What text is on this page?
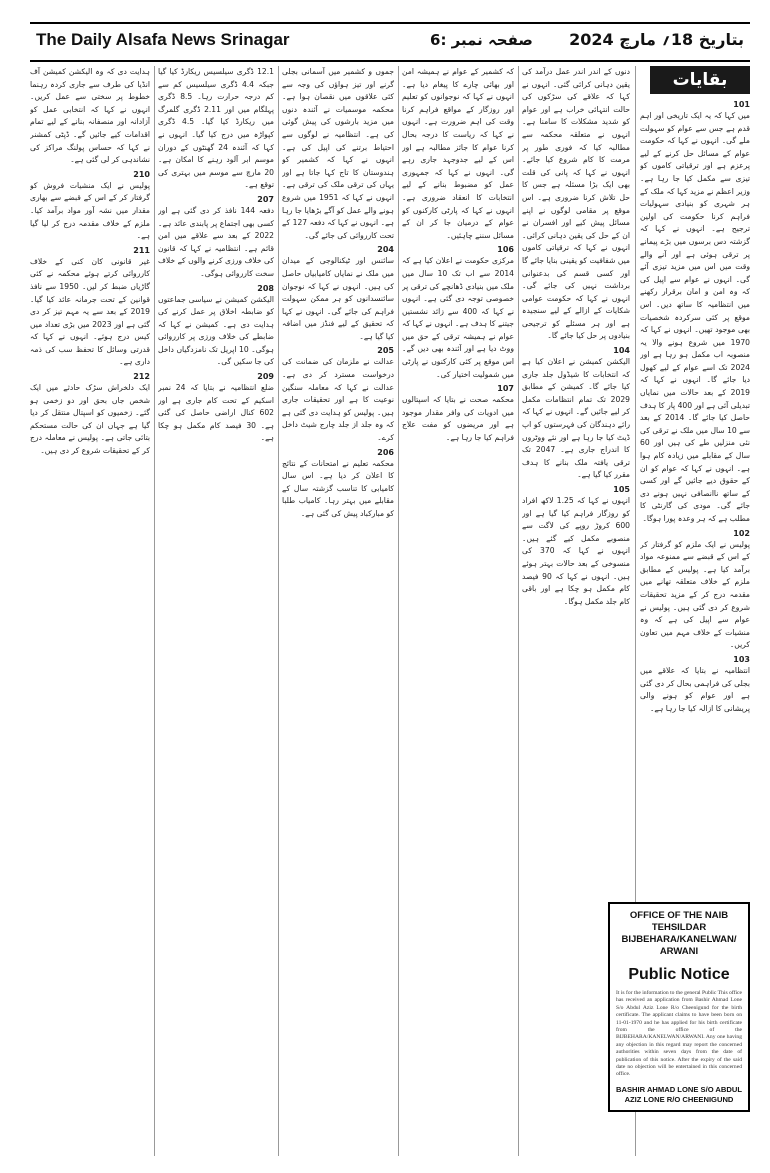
The Daily Alsafa News Srinagar	صفحہ نمبر :6 بتاریخ 18؍ مارچ 2024
بقایات
101

میں کہا کہ یہ ایک تاریخی اور اہم قدم ہے جس سے عوام کو سہولت ملے گی۔ انہوں نے کہا کہ حکومت عوام کے مسائل حل کرنے کے لیے پرعزم ہے اور ترقیاتی کاموں کو تیزی سے مکمل کیا جا رہا ہے۔ وزیر اعظم نے مزید کہا کہ ملک کے ہر شہری کو بنیادی سہولیات فراہم کرنا حکومت کی اولین ترجیح ہے۔ انہوں نے کہا کہ گزشتہ دس برسوں میں بڑے پیمانے پر ترقی ہوئی ہے اور آنے والے وقت میں اس میں مزید تیزی آئے گی۔ انہوں نے عوام سے اپیل کی کہ وہ امن و امان برقرار رکھنے میں انتظامیہ کا ساتھ دیں۔ اس موقع پر کئی سرکردہ شخصیات بھی موجود تھیں۔ انہوں نے کہا کہ 1970 میں شروع ہونے والا یہ منصوبہ اب مکمل ہو رہا ہے اور 2024 تک اسے عوام کے لیے کھول دیا جائے گا۔ انہوں نے کہا کہ 2019 کے بعد حالات میں نمایاں تبدیلی آئی ہے اور 400 پار کا ہدف حاصل کیا جائے گا۔ 2014 کے بعد سے 10 سال میں ملک نے ترقی کی نئی منزلیں طے کی ہیں اور 60 سال کے مقابلے میں زیادہ کام ہوا ہے۔ انہوں نے کہا کہ عوام کو ان کے حقوق دیے جائیں گے اور کسی کے ساتھ ناانصافی نہیں ہونے دی جائے گی۔ مودی کی گارنٹی کا مطلب ہے کہ ہر وعدہ پورا ہوگا۔

102

پولیس نے ایک ملزم کو گرفتار کر کے اس کے قبضے سے ممنوعہ مواد برآمد کیا ہے۔ پولیس کے مطابق ملزم کے خلاف متعلقہ تھانے میں مقدمہ درج کر کے مزید تحقیقات شروع کر دی گئی ہیں۔ پولیس نے عوام سے اپیل کی ہے کہ وہ منشیات کے خلاف مہم میں تعاون کریں۔

103

انتظامیہ نے بتایا کہ علاقے میں بجلی کی فراہمی بحال کر دی گئی ہے اور عوام کو ہونے والی پریشانی کا ازالہ کیا جا رہا ہے۔

دنوں کے اندر اندر عمل درآمد کی یقین دہانی کرائی گئی۔ انہوں نے کہا کہ علاقے کی سڑکوں کی حالت انتہائی خراب ہے اور عوام کو شدید مشکلات کا سامنا ہے۔ انہوں نے متعلقہ محکمہ سے مطالبہ کیا کہ فوری طور پر مرمت کا کام شروع کیا جائے۔ انہوں نے کہا کہ پانی کی قلت بھی ایک بڑا مسئلہ ہے جس کا حل تلاش کرنا ضروری ہے۔ اس موقع پر مقامی لوگوں نے اپنے مسائل پیش کیے اور افسران نے ان کے حل کی یقین دہانی کرائی۔ انہوں نے کہا کہ ترقیاتی کاموں میں شفافیت کو یقینی بنایا جائے گا اور کسی قسم کی بدعنوانی برداشت نہیں کی جائے گی۔ انہوں نے کہا کہ حکومت عوامی شکایات کے ازالے کے لیے سنجیدہ ہے اور ہر مسئلے کو ترجیحی بنیادوں پر حل کیا جائے گا۔

104

الیکشن کمیشن نے اعلان کیا ہے کہ انتخابات کا شیڈول جلد جاری کیا جائے گا۔ کمیشن کے مطابق 2029 تک تمام انتظامات مکمل کر لیے جائیں گے۔ انہوں نے کہا کہ رائے دہندگان کی فہرستوں کو اپ ڈیٹ کیا جا رہا ہے اور نئے ووٹروں کا اندراج جاری ہے۔ 2047 تک ترقی یافتہ ملک بنانے کا ہدف مقرر کیا گیا ہے۔

105

انہوں نے کہا کہ 1.25 لاکھ افراد کو روزگار فراہم کیا گیا ہے اور 600 کروڑ روپے کی لاگت سے منصوبے مکمل کیے گئے ہیں۔ انہوں نے کہا کہ 370 کی منسوخی کے بعد حالات بہتر ہوئے ہیں۔ انہوں نے کہا کہ 90 فیصد کام مکمل ہو چکا ہے اور باقی کام جلد مکمل ہوگا۔

کہ کشمیر کے عوام نے ہمیشہ امن اور بھائی چارے کا پیغام دیا ہے۔ انہوں نے کہا کہ نوجوانوں کو تعلیم اور روزگار کے مواقع فراہم کرنا وقت کی اہم ضرورت ہے۔ انہوں نے کہا کہ ریاست کا درجہ بحال کرنا عوام کا جائز مطالبہ ہے اور اس کے لیے جدوجہد جاری رہے گی۔ انہوں نے کہا کہ جمہوری عمل کو مضبوط بنانے کے لیے انتخابات کا انعقاد ضروری ہے۔ انہوں نے کہا کہ پارٹی کارکنوں کو عوام کے درمیان جا کر ان کے مسائل سننے چاہئیں۔

106

مرکزی حکومت نے اعلان کیا ہے کہ 2014 سے اب تک 10 سال میں ملک میں بنیادی ڈھانچے کی ترقی پر خصوصی توجہ دی گئی ہے۔ انہوں نے کہا کہ 400 سے زائد نشستیں جیتنے کا ہدف ہے۔ انہوں نے کہا کہ عوام نے ہمیشہ ترقی کے حق میں ووٹ دیا ہے اور آئندہ بھی دیں گے۔ اس موقع پر کئی کارکنوں نے پارٹی میں شمولیت اختیار کی۔

107

محکمہ صحت نے بتایا کہ اسپتالوں میں ادویات کی وافر مقدار موجود ہے اور مریضوں کو مفت علاج فراہم کیا جا رہا ہے۔

جموں و کشمیر میں آسمانی بجلی گرنے اور تیز ہواؤں کی وجہ سے کئی علاقوں میں نقصان ہوا ہے۔ محکمہ موسمیات نے آئندہ دنوں میں مزید بارشوں کی پیش گوئی کی ہے۔ انتظامیہ نے لوگوں سے احتیاط برتنے کی اپیل کی ہے۔ انہوں نے کہا کہ کشمیر کو ہندوستان کا تاج کہا جاتا ہے اور یہاں کی ترقی ملک کی ترقی ہے۔ انہوں نے کہا کہ 1951 میں شروع ہونے والے عمل کو آگے بڑھایا جا رہا ہے۔ انہوں نے کہا کہ دفعہ 127 کے تحت کارروائی کی جائے گی۔

204

سائنس اور ٹیکنالوجی کے میدان میں ملک نے نمایاں کامیابیاں حاصل کی ہیں۔ انہوں نے کہا کہ نوجوان سائنسدانوں کو ہر ممکن سہولت فراہم کی جائے گی۔ انہوں نے کہا کہ تحقیق کے لیے فنڈز میں اضافہ کیا گیا ہے۔

205

عدالت نے ملزمان کی ضمانت کی درخواست مسترد کر دی ہے۔ عدالت نے کہا کہ معاملہ سنگین نوعیت کا ہے اور تحقیقات جاری ہیں۔ پولیس کو ہدایت دی گئی ہے کہ وہ جلد از جلد چارج شیٹ داخل کرے۔

206

محکمہ تعلیم نے امتحانات کے نتائج کا اعلان کر دیا ہے۔ اس سال کامیابی کا تناسب گزشتہ سال کے مقابلے میں بہتر رہا۔ کامیاب طلبا کو مبارکباد پیش کی گئی ہے۔

12.1 ڈگری سیلسیس ریکارڈ کیا گیا جبکہ 4.4 ڈگری سیلسیس کم سے کم درجہ حرارت رہا۔ 8.5 ڈگری پہلگام میں اور 2.11 ڈگری گلمرگ میں ریکارڈ کیا گیا۔ 4.5 ڈگری کپواڑہ میں درج کیا گیا۔ انہوں نے کہا کہ آئندہ 24 گھنٹوں کے دوران موسم ابر آلود رہنے کا امکان ہے۔ 20 مارچ سے موسم میں بہتری کی توقع ہے۔

207

دفعہ 144 نافذ کر دی گئی ہے اور کسی بھی اجتماع پر پابندی عائد ہے۔ 2022 کے بعد سے علاقے میں امن قائم ہے۔ انتظامیہ نے کہا کہ قانون کی خلاف ورزی کرنے والوں کے خلاف سخت کارروائی ہوگی۔

208

الیکشن کمیشن نے سیاسی جماعتوں کو ضابطہ اخلاق پر عمل کرنے کی ہدایت دی ہے۔ کمیشن نے کہا کہ ضابطے کی خلاف ورزی پر کارروائی ہوگی۔ 10 اپریل تک نامزدگیاں داخل کی جا سکیں گی۔

209

ضلع انتظامیہ نے بتایا کہ 24 نمبر اسکیم کے تحت کام جاری ہے اور 602 کنال اراضی حاصل کی گئی ہے۔ 30 فیصد کام مکمل ہو چکا ہے۔

ہدایت دی کہ وہ الیکشن کمیشن آف انڈیا کی طرف سے جاری کردہ رہنما خطوط پر سختی سے عمل کریں۔ انہوں نے کہا کہ انتخابی عمل کو آزادانہ اور منصفانہ بنانے کے لیے تمام اقدامات کیے جائیں گے۔ ڈپٹی کمشنر نے کہا کہ حساس پولنگ مراکز کی نشاندہی کر لی گئی ہے۔

210

پولیس نے ایک منشیات فروش کو گرفتار کر کے اس کے قبضے سے بھاری مقدار میں نشہ آور مواد برآمد کیا۔ ملزم کے خلاف مقدمہ درج کر لیا گیا ہے۔

211

غیر قانونی کان کنی کے خلاف کارروائی کرتے ہوئے محکمہ نے کئی گاڑیاں ضبط کر لیں۔ 1950 سے نافذ قوانین کے تحت جرمانہ عائد کیا گیا۔ 2019 کے بعد سے یہ مہم تیز کر دی گئی ہے اور 2023 میں بڑی تعداد میں کیس درج ہوئے۔ انہوں نے کہا کہ قدرتی وسائل کا تحفظ سب کی ذمہ داری ہے۔

212

ایک دلخراش سڑک حادثے میں ایک شخص جاں بحق اور دو زخمی ہو گئے۔ زخمیوں کو اسپتال منتقل کر دیا گیا ہے جہاں ان کی حالت مستحکم بتائی جاتی ہے۔ پولیس نے معاملہ درج کر کے تحقیقات شروع کر دی ہیں۔

OFFICE OF THE NAIB TEHSILDAR BIJBEHARA/KANELWAN/ ARWANI
Public Notice
It is for the information to the general Public This office has received an application from Bashir Ahmad Lone S/o Abdul Aziz Lone R/o Cheenigund for the birth certificate. The applicant claims to have been born on 11-01-1970 and he has applied for his birth certificate from the office of the BIJBEHARA/KANELWAN/ARWANI. Any one having any objection in this regard may report the concerned authorities within seven days from the date of publication of this notice. After the expiry of the said date no objection will be entertained in this concerned office.
BASHIR AHMAD LONE S/O ABDUL AZIZ LONE R/O CHEENIGUND
